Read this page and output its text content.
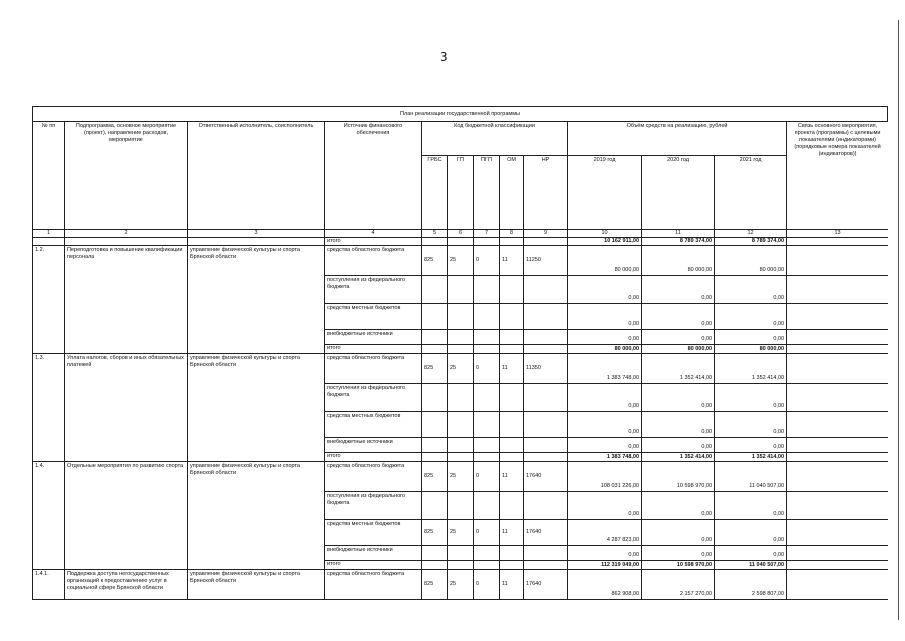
3
План реализации государственной программы
№ пп	Подпрограмма, основное мероприятие (проект), направление расходов, мероприятие	Ответственный исполнитель, соисполнитель	Источник финансового обеспечения	Код бюджетной классификации					Объём средств на реализацию, рублей			Связь основного мероприятия, проекта (программы) с целевыми показателями (индикаторами) (порядковые номера показателей (индикаторов))
				ГРБС	ГП	ПГП	ОМ	НР	2019 год	2020 год	2021 год	
1	2	3	4	5	6	7	8	9	10	11	12	13
			итого						10 162 911,00	8 789 374,00	8 789 374,00	
1.2.	Переподготовка и повышение квалификации персонала	управление физической культуры и спорта Брянской области	средства областного бюджета	825	25	0	11	11250	80 000,00	80 000,00	80 000,00	
			поступления из федерального бюджета						0,00	0,00	0,00	
			средства местных бюджетов						0,00	0,00	0,00	
			внебюджетные источники						0,00	0,00	0,00	
			итого						80 000,00	80 000,00	80 000,00	
1.3.	Уплата налогов, сборов и иных обязательных платежей	управление физической культуры и спорта Брянской области	средства областного бюджета	825	25	0	11	11350	1 383 748,00	1 352 414,00	1 352 414,00	
			поступления из федерального бюджета						0,00	0,00	0,00	
			средства местных бюджетов						0,00	0,00	0,00	
			внебюджетные источники						0,00	0,00	0,00	
			итого						1 383 748,00	1 352 414,00	1 352 414,00	
1.4.	Отдельные мероприятия по развитию спорта	управление физической культуры и спорта Брянской области	средства областного бюджета	825	25	0	11	17640	108 031 226,00	10 598 970,00	11 040 507,00	
			поступления из федерального бюджета						0,00	0,00	0,00	
			средства местных бюджетов	825	25	0	11	17640	4 287 823,00	0,00	0,00	
			внебюджетные источники						0,00	0,00	0,00	
			итого						112 319 049,00	10 598 970,00	11 040 507,00	
1.4.1.	Поддержка доступа негосударственных организаций к предоставлению услуг в социальной сфере Брянской области	управление физической культуры и спорта Брянской области	средства областного бюджета	825	25	0	11	17640	862 908,00	2 157 270,00	2 598 807,00	
